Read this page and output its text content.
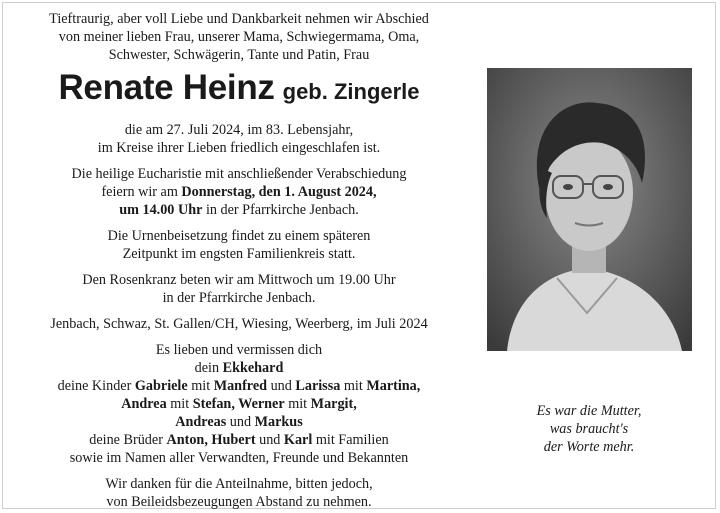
Tieftraurig, aber voll Liebe und Dankbarkeit nehmen wir Abschied

von meiner lieben Frau, unserer Mama, Schwiegermama, Oma,

Schwester, Schwägerin, Tante und Patin, Frau

Renate Heinz geb. Zingerle

die am 27. Juli 2024, im 83. Lebensjahr,

im Kreise ihrer Lieben friedlich eingeschlafen ist.

Die heilige Eucharistie mit anschließender Verabschiedung

feiern wir am Donnerstag, den 1. August 2024,

um 14.00 Uhr in der Pfarrkirche Jenbach.

Die Urnenbeisetzung findet zu einem späteren

Zeitpunkt im engsten Familienkreis statt.

Den Rosenkranz beten wir am Mittwoch um 19.00 Uhr

in der Pfarrkirche Jenbach.

Jenbach, Schwaz, St. Gallen/CH, Wiesing, Weerberg, im Juli 2024

Es lieben und vermissen dich

dein Ekkehard

deine Kinder Gabriele mit Manfred und Larissa mit Martina,

Andrea mit Stefan, Werner mit Margit,

Andreas und Markus

deine Brüder Anton, Hubert und Karl mit Familien

sowie im Namen aller Verwandten, Freunde und Bekannten

Wir danken für die Anteilnahme, bitten jedoch,

von Beileidsbezeugungen Abstand zu nehmen.

Es war die Mutter,
was braucht's
der Worte mehr.
